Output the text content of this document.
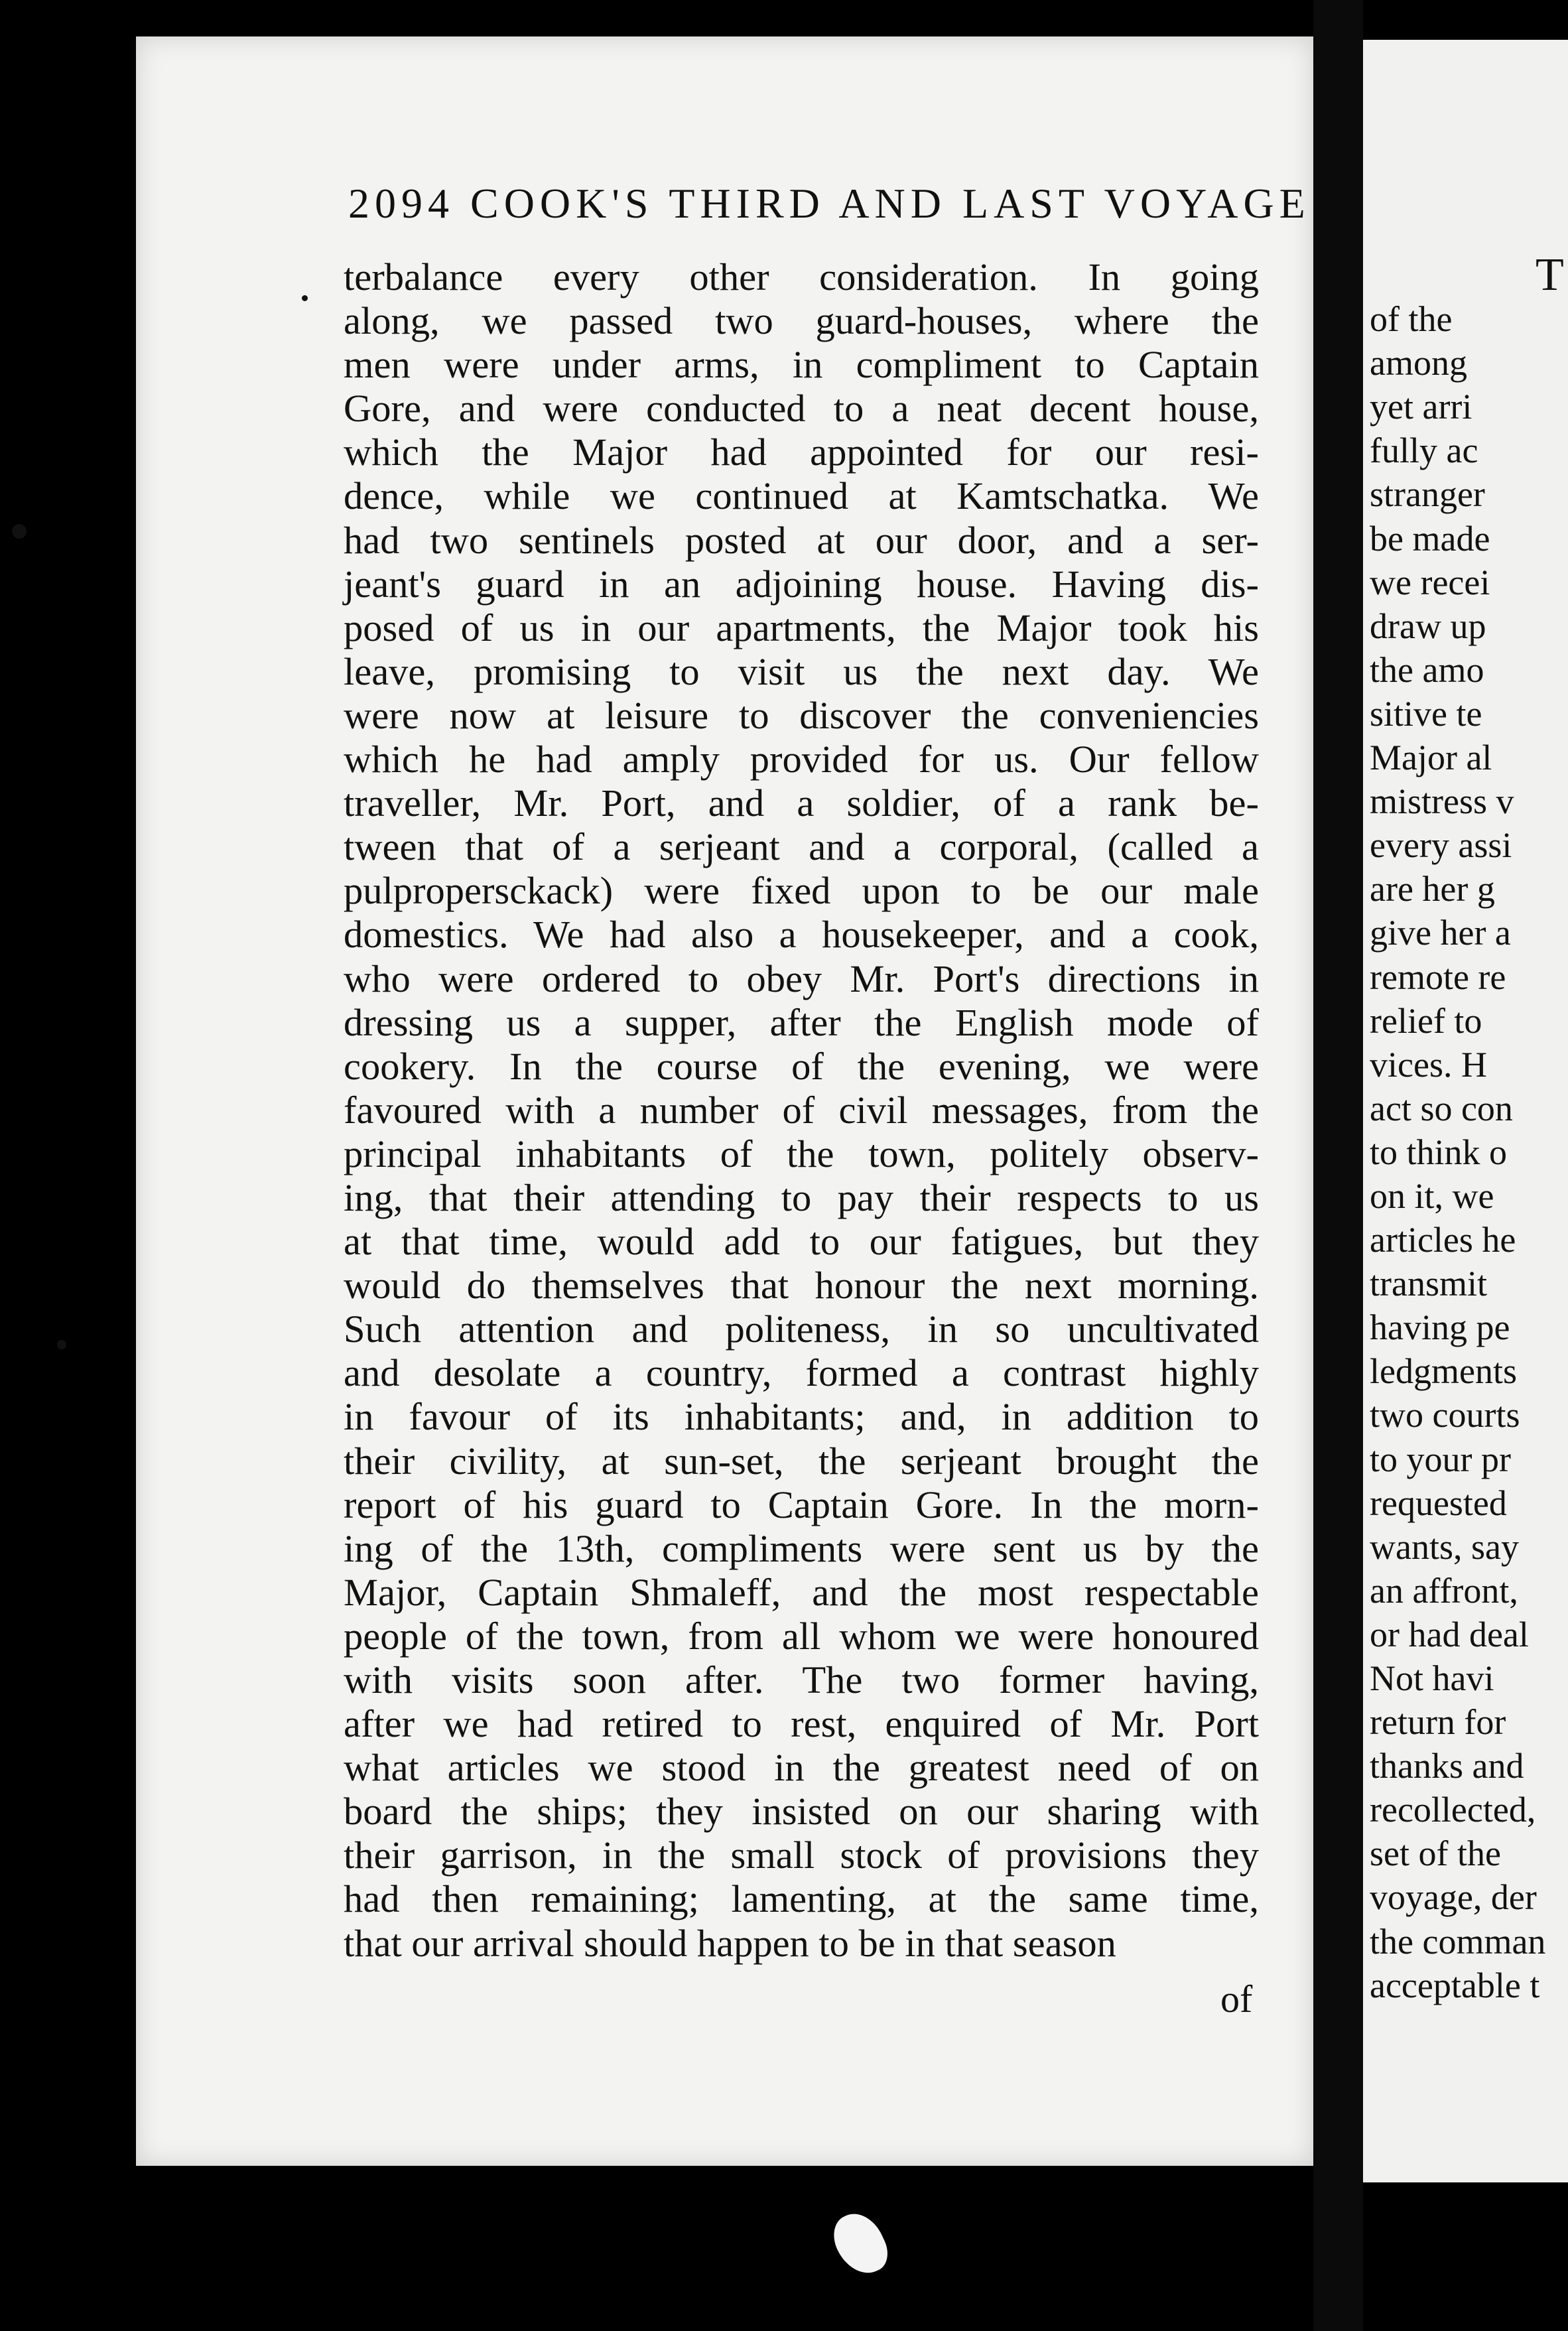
2094 COOK'S THIRD AND LAST VOYAGE
terbalance every other consideration. In going
along, we passed two guard-houses, where the
men were under arms, in compliment to Captain
Gore, and were conducted to a neat decent house,
which the Major had appointed for our resi-
dence, while we continued at Kamtschatka. We
had two sentinels posted at our door, and a ser-
jeant's guard in an adjoining house. Having dis-
posed of us in our apartments, the Major took his
leave, promising to visit us the next day. We
were now at leisure to discover the conveniencies
which he had amply provided for us. Our fellow
traveller, Mr. Port, and a soldier, of a rank be-
tween that of a serjeant and a corporal, (called a
pulpropersckack) were fixed upon to be our male
domestics. We had also a housekeeper, and a cook,
who were ordered to obey Mr. Port's directions in
dressing us a supper, after the English mode of
cookery. In the course of the evening, we were
favoured with a number of civil messages, from the
principal inhabitants of the town, politely observ-
ing, that their attending to pay their respects to us
at that time, would add to our fatigues, but they
would do themselves that honour the next morning.
Such attention and politeness, in so uncultivated
and desolate a country, formed a contrast highly
in favour of its inhabitants; and, in addition to
their civility, at sun-set, the serjeant brought the
report of his guard to Captain Gore. In the morn-
ing of the 13th, compliments were sent us by the
Major, Captain Shmaleff, and the most respectable
people of the town, from all whom we were honoured
with visits soon after. The two former having,
after we had retired to rest, enquired of Mr. Port
what articles we stood in the greatest need of on
board the ships; they insisted on our sharing with
their garrison, in the small stock of provisions they
had then remaining; lamenting, at the same time,
that our arrival should happen to be in that season
of
T
of the
among
yet arri
fully ac
stranger
be made
we recei
draw up
the amo
sitive te
Major al
mistress v
every assi
are her g
give her a
remote re
relief to
vices. H
act so con
to think o
on it, we
articles he
transmit
having pe
ledgments
two courts
to your pr
requested
wants, say
an affront,
or had deal
Not havi
return for
thanks and
recollected,
set of the
voyage, der
the comman
acceptable t
